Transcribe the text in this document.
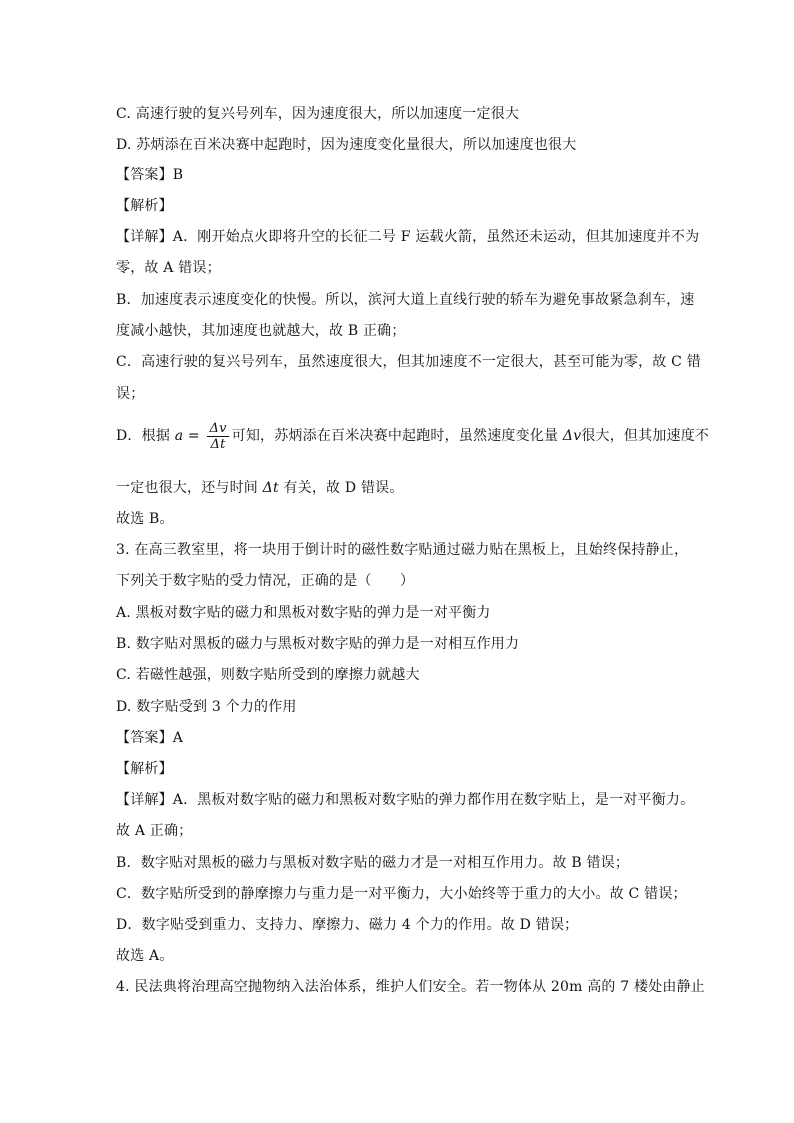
C. 高速行驶的复兴号列车，因为速度很大，所以加速度一定很大
D. 苏炳添在百米决赛中起跑时，因为速度变化量很大，所以加速度也很大
【答案】B
【解析】
【详解】A．刚开始点火即将升空的长征二号 F 运载火箭，虽然还未运动，但其加速度并不为
零，故 A 错误；
B．加速度表示速度变化的快慢。所以，滨河大道上直线行驶的轿车为避免事故紧急刹车，速
度减小越快，其加速度也就越大，故 B 正确；
C．高速行驶的复兴号列车，虽然速度很大，但其加速度不一定很大，甚至可能为零，故 C 错
误；
D．根据 $a = \frac{\Delta v}{\Delta t}$ 可知，苏炳添在百米决赛中起跑时，虽然速度变化量 Δv很大，但其加速度不
一定也很大，还与时间 Δt 有关，故 D 错误。
故选 B。
3. 在高三教室里，将一块用于倒计时的磁性数字贴通过磁力贴在黑板上，且始终保持静止，
下列关于数字贴的受力情况，正确的是（　　）
A. 黑板对数字贴的磁力和黑板对数字贴的弹力是一对平衡力
B. 数字贴对黑板的磁力与黑板对数字贴的弹力是一对相互作用力
C. 若磁性越强，则数字贴所受到的摩擦力就越大
D. 数字贴受到 3 个力的作用
【答案】A
【解析】
【详解】A．黑板对数字贴的磁力和黑板对数字贴的弹力都作用在数字贴上，是一对平衡力。
故 A 正确；
B．数字贴对黑板的磁力与黑板对数字贴的磁力才是一对相互作用力。故 B 错误；
C．数字贴所受到的静摩擦力与重力是一对平衡力，大小始终等于重力的大小。故 C 错误；
D．数字贴受到重力、支持力、摩擦力、磁力 4 个力的作用。故 D 错误；
故选 A。
4. 民法典将治理高空抛物纳入法治体系，维护人们安全。若一物体从 20m 高的 7 楼处由静止
